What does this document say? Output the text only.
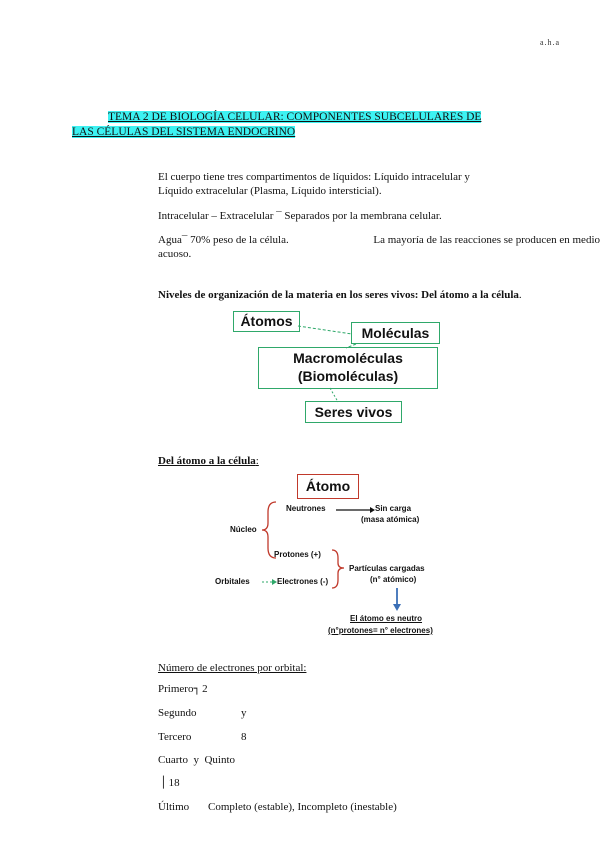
a.h.a
TEMA 2 DE BIOLOGÍA CELULAR: COMPONENTES SUBCELULARES DE
LAS CÉLULAS DEL SISTEMA ENDOCRINO
El cuerpo tiene tres compartimentos de líquidos: Líquido intracelular y
Líquido extracelular (Plasma, Líquido intersticial).
Intracelular – Extracelular ¯ Separados por la membrana celular.
Agua¯ 70% peso de la célula.	La mayoría de las reacciones se producen en medio
acuoso.
Niveles de organización de la materia en los seres vivos: Del átomo a la célula.
Átomos
Moléculas
Macromoléculas
(Biomoléculas)
Seres vivos
Del átomo a la célula:
Átomo
Neutrones	Sin carga
(masa atómica)
Núcleo
Protones (+)
Partículas cargadas
(n° atómico)
Orbitales	Electrones (-)
El átomo es neutro
(n°protones= n° electrones)
Número de electrones por orbital:
Primero┐ 2
Segundo	y
Tercero	8
Cuarto  y  Quinto
│ 18
Último Completo (estable), Incompleto (inestable)
